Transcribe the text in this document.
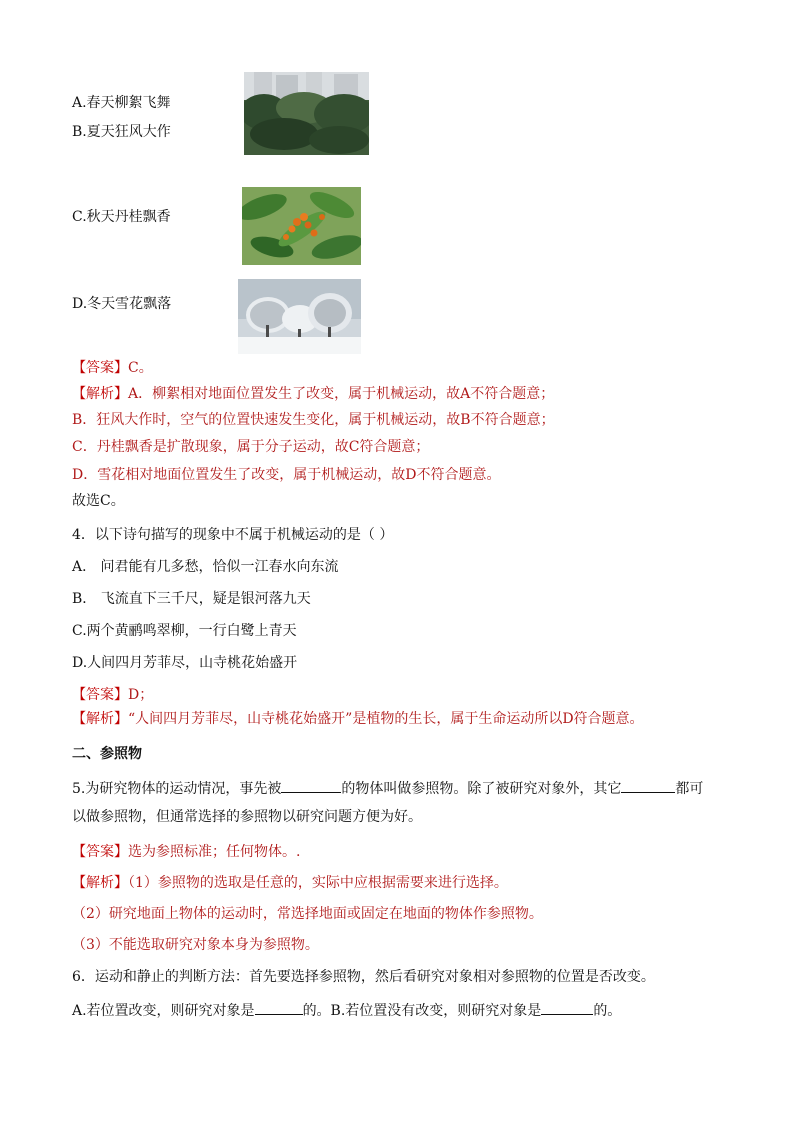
A.春天柳絮飞舞
B.夏天狂风大作
C.秋天丹桂飘香
D.冬天雪花飘落
【答案】C。
【解析】A．柳絮相对地面位置发生了改变，属于机械运动，故A不符合题意；
B．狂风大作时，空气的位置快速发生变化，属于机械运动，故B不符合题意；
C．丹桂飘香是扩散现象，属于分子运动，故C符合题意；
D．雪花相对地面位置发生了改变，属于机械运动，故D不符合题意。
故选C。
4．以下诗句描写的现象中不属于机械运动的是（ ）
A． 问君能有几多愁，恰似一江春水向东流
B． 飞流直下三千尺，疑是银河落九天
C.两个黄鹂鸣翠柳，一行白鹭上青天
D.人间四月芳菲尽，山寺桃花始盛开
【答案】D；
【解析】“人间四月芳菲尽，山寺桃花始盛开”是植物的生长，属于生命运动所以D符合题意。
二、参照物
5.为研究物体的运动情况，事先被	的物体叫做参照物。除了被研究对象外，其它	都可
以做参照物，但通常选择的参照物以研究问题方便为好。
【答案】选为参照标准；任何物体。.
【解析】（1）参照物的选取是任意的，实际中应根据需要来进行选择。
（2）研究地面上物体的运动时，常选择地面或固定在地面的物体作参照物。
（3）不能选取研究对象本身为参照物。
6．运动和静止的判断方法：首先要选择参照物，然后看研究对象相对参照物的位置是否改变。
A.若位置改变，则研究对象是	的。B.若位置没有改变，则研究对象是	的。
